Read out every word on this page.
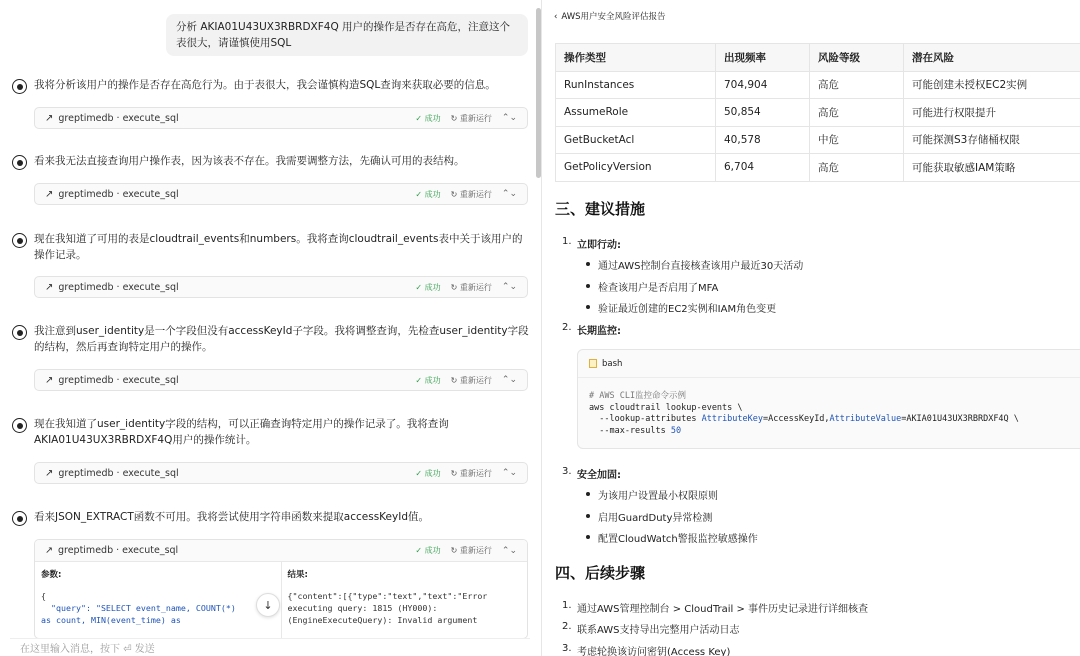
分析 AKIA01U43UX3RBRDXF4Q 用户的操作是否存在高危，注意这个表很大，请谨慎使用SQL
我将分析该用户的操作是否存在高危行为。由于表很大，我会谨慎构造SQL查询来获取必要的信息。
↗ greptimedb · execute_sql	✓ 成功 ↻ 重新运行 ⌃⌄
看来我无法直接查询用户操作表，因为该表不存在。我需要调整方法，先确认可用的表结构。
↗ greptimedb · execute_sql	✓ 成功 ↻ 重新运行 ⌃⌄
现在我知道了可用的表是cloudtrail_events和numbers。我将查询cloudtrail_events表中关于该用户的操作记录。
↗ greptimedb · execute_sql	✓ 成功 ↻ 重新运行 ⌃⌄
我注意到user_identity是一个字段但没有accessKeyId子字段。我将调整查询，先检查user_identity字段的结构，然后再查询特定用户的操作。
↗ greptimedb · execute_sql	✓ 成功 ↻ 重新运行 ⌃⌄
现在我知道了user_identity字段的结构，可以正确查询特定用户的操作记录了。我将查询AKIA01U43UX3RBRDXF4Q用户的操作统计。
↗ greptimedb · execute_sql	✓ 成功 ↻ 重新运行 ⌃⌄
看来JSON_EXTRACT函数不可用。我将尝试使用字符串函数来提取accessKeyId值。
↗ greptimedb · execute_sql	✓ 成功 ↻ 重新运行 ⌃⌄
参数:
{
"query": "SELECT event_name, COUNT(*)
as count, MIN(event_time) as
结果:
{"content":[{"type":"text","text":"Error
executing query: 1815 (HY000):
(EngineExecuteQuery): Invalid argument
↓
在这里输入消息，按下 ⏎ 发送
‹ AWS用户安全风险评估报告
操作类型	出现频率	风险等级	潜在风险
RunInstances	704,904	高危	可能创建未授权EC2实例
AssumeRole	50,854	高危	可能进行权限提升
GetBucketAcl	40,578	中危	可能探测S3存储桶权限
GetPolicyVersion	6,704	高危	可能获取敏感IAM策略
三、建议措施
1. 立即行动:
通过AWS控制台直接核查该用户最近30天活动
检查该用户是否启用了MFA
验证最近创建的EC2实例和IAM角色变更
2. 长期监控:
bash
# AWS CLI监控命令示例
aws cloudtrail lookup-events \
--lookup-attributes AttributeKey=AccessKeyId,AttributeValue=AKIA01U43UX3RBRDXF4Q \
--max-results 50
3. 安全加固:
为该用户设置最小权限原则
启用GuardDuty异常检测
配置CloudWatch警报监控敏感操作
四、后续步骤
1. 通过AWS管理控制台 > CloudTrail > 事件历史记录进行详细核查
2. 联系AWS支持导出完整用户活动日志
3. 考虑轮换该访问密钥(Access Key)
